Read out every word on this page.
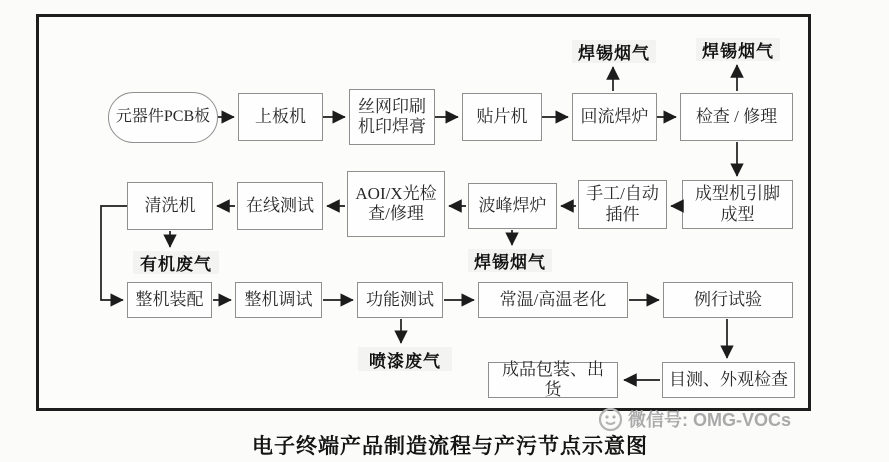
元器件PCB板	上板机
丝网印刷机印焊膏
贴片机	回流焊炉	检查 / 修理
焊锡烟气	焊锡烟气
成型机引脚成型
手工/自动插件
波峰焊炉
AOI/X光检查/修理
在线测试
清洗机
有机废气	焊锡烟气
整机装配	整机调试	功能测试	常温/高温老化	例行试验
喷漆废气	成品包装、出货
目测、外观检查
微信号: OMG-VOCs
电子终端产品制造流程与产污节点示意图
